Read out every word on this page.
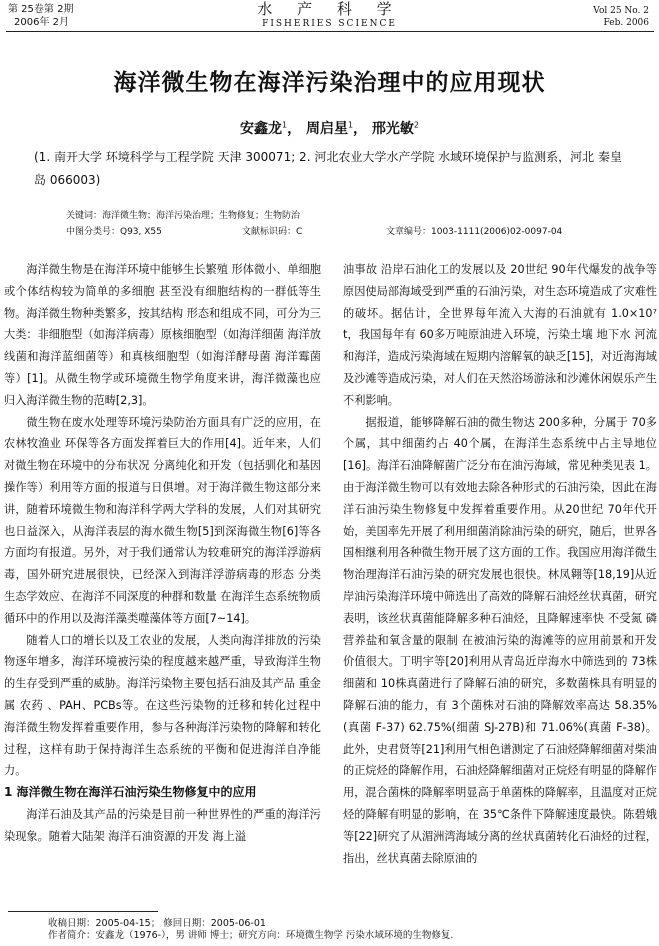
第 25卷第 2期
2006年 2月
水 产 科 学
FISHERIES SCIENCE
Vol 25 No. 2
Feb. 2006
海洋微生物在海洋污染治理中的应用现状
安鑫龙$^1$， 周启星$^1$， 邢光敏$^2$
(1. 南开大学 环境科学与工程学院 天津 300071; 2. 河北农业大学水产学院 水域环境保护与监测系，河北 秦皇岛 066003)
关键词：海洋微生物；海洋污染治理；生物修复；生物防治
中图分类号：Q93, X55	文献标识码：C	文章编号：1003-1111(2006)02-0097-04

海洋微生物是在海洋环境中能够生长繁殖 形体微小、单细胞或个体结构较为简单的多细胞 甚至没有细胞结构的一群低等生物。海洋微生物种类繁多，按其结构 形态和组成不同，可分为三大类：非细胞型（如海洋病毒）原核细胞型（如海洋细菌 海洋放线菌和海洋蓝细菌等）和真核细胞型（如海洋酵母菌 海洋霉菌等）[1]。从微生物学或环境微生物学角度来讲，海洋微藻也应归入海洋微生物的范畴[2,3]。

微生物在废水处理等环境污染防治方面具有广泛的应用，在农林牧渔业 环保等各方面发挥着巨大的作用[4]。近年来，人们对微生物在环境中的分布状况 分离纯化和开发（包括驯化和基因操作等）利用等方面的报道与日俱增。对于海洋微生物这部分来讲，随着环境微生物和海洋科学两大学科的发展，人们对其研究也日益深入，从海洋表层的海水微生物[5]到深海微生物[6]等各方面均有报道。另外，对于我们通常认为较难研究的海洋浮游病毒，国外研究进展很快，已经深入到海洋浮游病毒的形态 分类 生态学效应、在海洋不同深度的种群和数量 在海洋生态系统物质循环中的作用以及海洋藻类噬藻体等方面[7~14]。

随着人口的增长以及工农业的发展，人类向海洋排放的污染物逐年增多，海洋环境被污染的程度越来越严重，导致海洋生物的生存受到严重的威胁。海洋污染物主要包括石油及其产品 重金属 农药 、PAH、PCBs等。在这些污染物的迁移和转化过程中 海洋微生物发挥着重要作用，参与各种海洋污染物的降解和转化过程，这样有助于保持海洋生态系统的平衡和促进海洋自净能力。

1 海洋微生物在海洋石油污染生物修复中的应用

海洋石油及其产品的污染是目前一种世界性的严重的海洋污染现象。随着大陆架 海洋石油资源的开发 海上溢

油事故 沿岸石油化工的发展以及 20世纪 90年代爆发的战争等原因使局部海域受到严重的石油污染，对生态环境造成了灾难性的破坏。据估计，全世界每年流入大海的石油就有 1.0×10⁷ t，我国每年有 60多万吨原油进入环境，污染土壤 地下水 河流和海洋，造成污染海域在短期内溶解氧的缺乏[15]，对近海海域及沙滩等造成污染，对人们在天然浴场游泳和沙滩休闲娱乐产生不利影响。

据报道，能够降解石油的微生物达 200多种，分属于 70多个属，其中细菌约占 40个属，在海洋生态系统中占主导地位[16]。海洋石油降解菌广泛分布在油污海域，常见种类见表 1。由于海洋微生物可以有效地去除各种形式的石油污染，因此在海洋石油污染生物修复中发挥着重要作用。从20世纪 70年代开始，美国率先开展了利用细菌消除油污染的研究，随后，世界各国相继利用各种微生物开展了这方面的工作。我国应用海洋微生物治理海洋石油污染的研究发展也很快。林凤翱等[18,19]从近岸油污染海洋环境中筛选出了高效的降解石油烃丝状真菌，研究表明，该丝状真菌能降解多种石油烃，且降解速率快 不受氮 磷营养盐和氧含量的限制 在被油污染的海滩等的应用前景和开发价值很大。丁明宇等[20]利用从青岛近岸海水中筛选到的 73株细菌和 10株真菌进行了降解石油的研究，多数菌株具有明显的降解石油的能力，有 3个菌株对石油的降解效率高达 58.35%(真菌 F-37) 62.75%(细菌 SJ-27B)和 71.06%(真菌 F-38)。此外，史君贤等[21]利用气相色谱测定了石油烃降解细菌对柴油的正烷烃的降解作用，石油烃降解细菌对正烷烃有明显的降解作用，混合菌株的降解率明显高于单菌株的降解率，且温度对正烷烃的降解有明显的影响，在 35℃条件下降解速度最快。陈碧娥等[22]研究了从湄洲湾海域分离的丝状真菌转化石油烃的过程，指出，丝状真菌去除原油的

收稿日期：2005-04-15； 修回日期：2005-06-01
作者简介：安鑫龙（1976-），男 讲师 博士；研究方向：环境微生物学 污染水域环境的生物修复.
